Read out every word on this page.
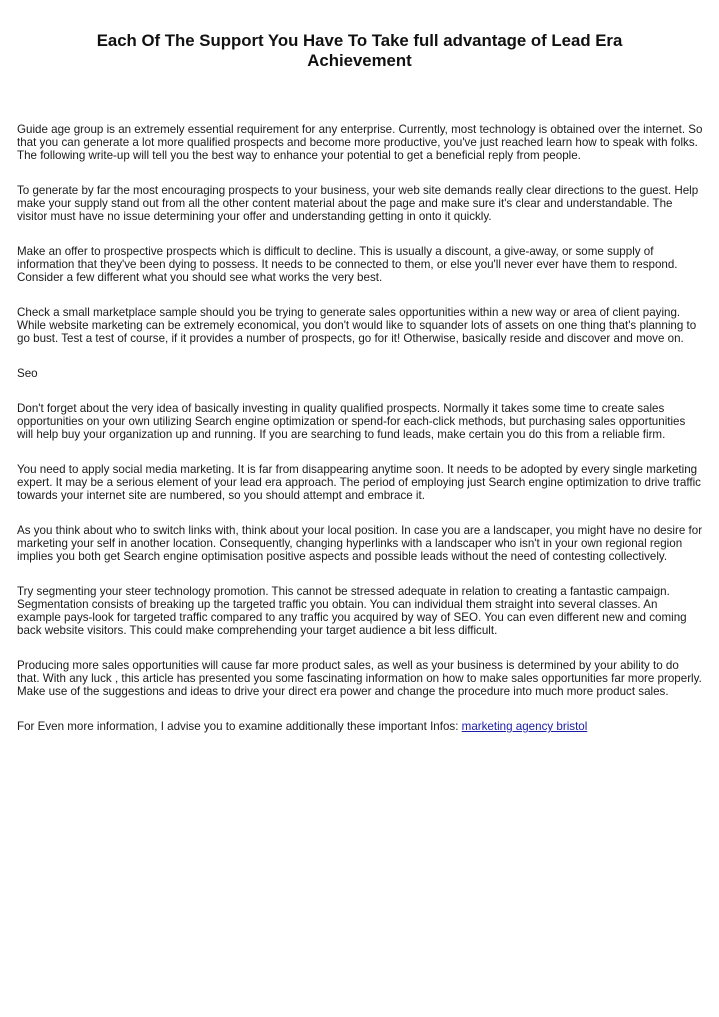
Each Of The Support You Have To Take full advantage of Lead Era Achievement

Guide age group is an extremely essential requirement for any enterprise. Currently, most technology is obtained over the internet. So that you can generate a lot more qualified prospects and become more productive, you've just reached learn how to speak with folks. The following write-up will tell you the best way to enhance your potential to get a beneficial reply from people.

To generate by far the most encouraging prospects to your business, your web site demands really clear directions to the guest. Help make your supply stand out from all the other content material about the page and make sure it's clear and understandable. The visitor must have no issue determining your offer and understanding getting in onto it quickly.

Make an offer to prospective prospects which is difficult to decline. This is usually a discount, a give-away, or some supply of information that they've been dying to possess. It needs to be connected to them, or else you'll never ever have them to respond. Consider a few different what you should see what works the very best.

Check a small marketplace sample should you be trying to generate sales opportunities within a new way or area of client paying. While website marketing can be extremely economical, you don't would like to squander lots of assets on one thing that's planning to go bust. Test a test of course, if it provides a number of prospects, go for it! Otherwise, basically reside and discover and move on.

Seo

Don't forget about the very idea of basically investing in quality qualified prospects. Normally it takes some time to create sales opportunities on your own utilizing Search engine optimization or spend-for each-click methods, but purchasing sales opportunities will help buy your organization up and running. If you are searching to fund leads, make certain you do this from a reliable firm.

You need to apply social media marketing. It is far from disappearing anytime soon. It needs to be adopted by every single marketing expert. It may be a serious element of your lead era approach. The period of employing just Search engine optimization to drive traffic towards your internet site are numbered, so you should attempt and embrace it.

As you think about who to switch links with, think about your local position. In case you are a landscaper, you might have no desire for marketing your self in another location. Consequently, changing hyperlinks with a landscaper who isn't in your own regional region implies you both get Search engine optimisation positive aspects and possible leads without the need of contesting collectively.

Try segmenting your steer technology promotion. This cannot be stressed adequate in relation to creating a fantastic campaign. Segmentation consists of breaking up the targeted traffic you obtain. You can individual them straight into several classes. An example pays-look for targeted traffic compared to any traffic you acquired by way of SEO. You can even different new and coming back website visitors. This could make comprehending your target audience a bit less difficult.

Producing more sales opportunities will cause far more product sales, as well as your business is determined by your ability to do that. With any luck , this article has presented you some fascinating information on how to make sales opportunities far more properly. Make use of the suggestions and ideas to drive your direct era power and change the procedure into much more product sales.

For Even more information, I advise you to examine additionally these important Infos: marketing agency bristol
